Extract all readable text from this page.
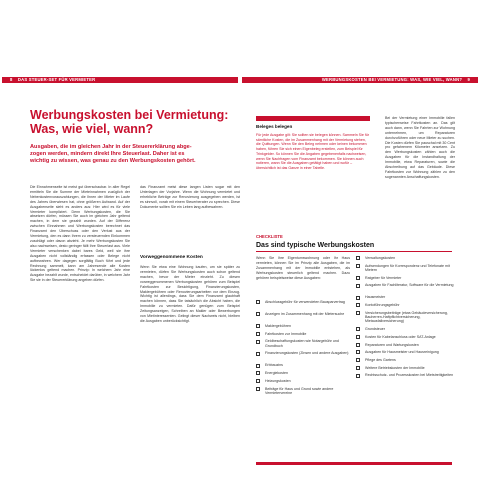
8 DAS STEUER-SET FÜR VERMIETER	WERBUNGSKOSTEN BEI VERMIETUNG: WAS, WIE VIEL, WANN? 9
Werbungskosten bei Vermietung:
Was, wie viel, wann?
Ausgaben, die im gleichen Jahr in der Steuererklärung abge-
zogen werden, mindern direkt Ihre Steuerlast. Daher ist es
wichtig zu wissen, was genau zu den Werbungskosten gehört.
Die Einnahmenseite ist meist gut überschaubar. In aller Regel ermitteln Sie die Summe der Mieteinnahmen zuzüglich der Nebenkostenvorauszahlungen, die Ihnen der Mieter im Laufe des Jahres überwiesen hat, ohne größeren Aufwand. Auf der Ausgabenseite sieht es anders aus: Hier wird es für viele Vermieter kompliziert. Denn Werbungskosten, die Sie absetzen dürfen, müssen Sie auch im gleichen Jahr geltend machen, in dem sie gezahlt wurden. Auf der Differenz zwischen Einnahmen und Werbungskosten berechnet das Finanzamt den Überschuss oder den Verlust aus der Vermietung, den es dann Ihrem zu versteuernden Einkommen zuschlägt oder davon abzieht. Je mehr Werbungskosten Sie also nachweisen, desto geringer fällt Ihre Steuerlast aus. Viele Vermieter verschenken dabei bares Geld, weil sie ihre Ausgaben nicht vollständig erfassen oder Belege nicht aufbewahren. Wer dagegen sorgfältig Buch führt und jede Rechnung sammelt, kann am Jahresende alle Kosten lückenlos geltend machen. Prinzip: In welchem Jahr eine Ausgabe bezahlt wurde, entscheidet darüber, in welchem Jahr Sie sie in der Steuererklärung angeben dürfen.
das Finanzamt meist diese langen Listen sogar mit den Unterlagen der Vorjahre. Wenn die Wohnung vermietet und erhebliche Beträge zur Renovierung ausgegeben werden, ist es sinnvoll, vorab mit einem Steuerberater zu sprechen. Diese Dokumente sollten Sie ein Leben lang aufbewahren.
Vorweggenommene Kosten
Wenn Sie etwa eine Wohnung kaufen, um sie später zu vermieten, dürfen Sie Werbungskosten auch schon geltend machen, bevor der Mieter einzieht. Zu diesen vorweggenommenen Werbungskosten gehören zum Beispiel Fahrtkosten zur Besichtigung, Finanzierungskosten, Maklergebühren oder Renovierungsarbeiten vor dem Einzug. Wichtig ist allerdings, dass Sie dem Finanzamt glaubhaft machen können, dass Sie tatsächlich die Absicht haben, die Immobilie zu vermieten. Dafür genügen zum Beispiel Zeitungsanzeigen, Schreiben an Makler oder Bewerbungen von Mietinteressenten. Gelingt dieser Nachweis nicht, bleiben die Ausgaben unberücksichtigt.
Beleges belegen
Für jede Ausgabe gilt: Sie sollten sie belegen können. Sammeln Sie für sämtliche Kosten, die im Zusammenhang mit der Vermietung stehen, die Quittungen. Wenn Sie den Beleg nehmen oder keinen bekommen haben, führen Sie sich einen Eigenbeleg erstellen, zum Beispiel für Trinkgelder. So können Sie die Angaben gegebenenfalls nachweisen, wenn Sie Nachfragen vom Finanzamt bekommen. Sie können auch notieren, wann Sie die Ausgaben getätigt haben und wofür – übersichtlich ist das Ganze in einer Tabelle.
Bei der Vermietung einer Immobilie fallen typischerweise Fahrtkosten an. Das gilt auch dann, wenn Sie Fahrten zur Wohnung unternehmen, um Reparaturen durchzuführen oder neue Mieter zu suchen. Die Kosten dürfen Sie pauschal mit 30 Cent pro gefahrenem Kilometer ansetzen. Zu den Werbungskosten zählen auch die Ausgaben für die Instandhaltung der Immobilie, etwa Reparaturen, sowie die Abschreibung auf das Gebäude. Diese Fahrtkosten zur Wohnung zählen zu den sogenannten Anschaffungskosten.
CHECKLISTE
Das sind typische Werbungskosten
Wenn Sie Ihre Eigentumswohnung oder Ihr Haus vermieten, können Sie im Prinzip alle Ausgaben, die im Zusammenhang mit der Immobilie entstehen, als Werbungskosten steuerlich geltend machen. Dazu gehören beispielsweise diese Ausgaben:
Abschlussgebühr für verwendeten Bausparvertrag
Anzeigen im Zusammenhang mit der Mietersuche
Maklergebühren
Fahrtkosten zur Immobilie
Geldbeschaffungskosten wie Notargebühr und Grundbuch
Finanzierungskosten (Zinsen und andere Ausgaben)
Erbbauzins
Energiekosten
Heizungskosten
Beiträge für Haus und Grund sowie andere Vermietervereine
Verwaltungskosten
Aufwendungen für Korrespondenz und Telefonate mit Mietern
Ratgeber für Vermieter
Ausgaben für Fachliteratur, Software für die Vermietung
Hausmeister
Kontoführungsgebühr
Versicherungsbeiträge (etwa Gebäudeversicherung, Bauherren-Haftpflichtversicherung, Mietausfallversicherung)
Grundsteuer
Kosten für Kabelanschluss oder SAT-Anlage
Reparaturen und Wartungskosten
Ausgaben für Hausmeister und Hausreinigung
Pflege des Gartens
Weitere Betriebskosten der Immobilie
Rechtsschutz- und Prozesskosten bei Mietstreitigkeiten
